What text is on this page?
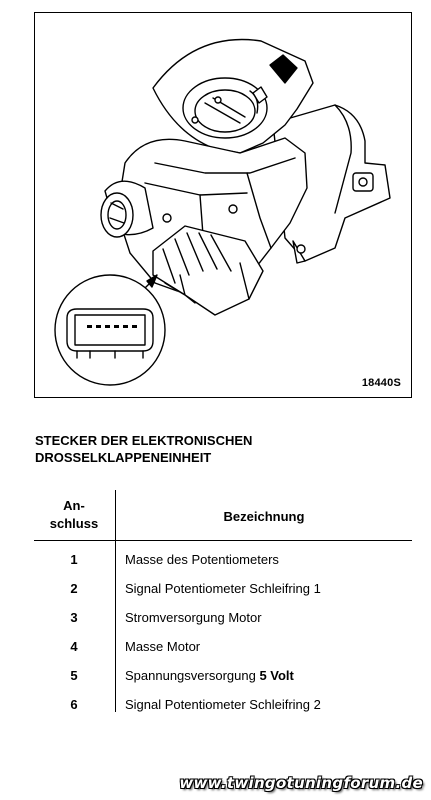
18440S
STECKER DER ELEKTRONISCHEN
DROSSELKLAPPENEINHEIT
An-
schluss	Bezeichnung
1	Masse des Potentiometers
2	Signal Potentiometer Schleifring 1
3	Stromversorgung Motor
4	Masse Motor
5	Spannungsversorgung 5 Volt
6	Signal Potentiometer Schleifring 2
www.twingotuningforum.de
